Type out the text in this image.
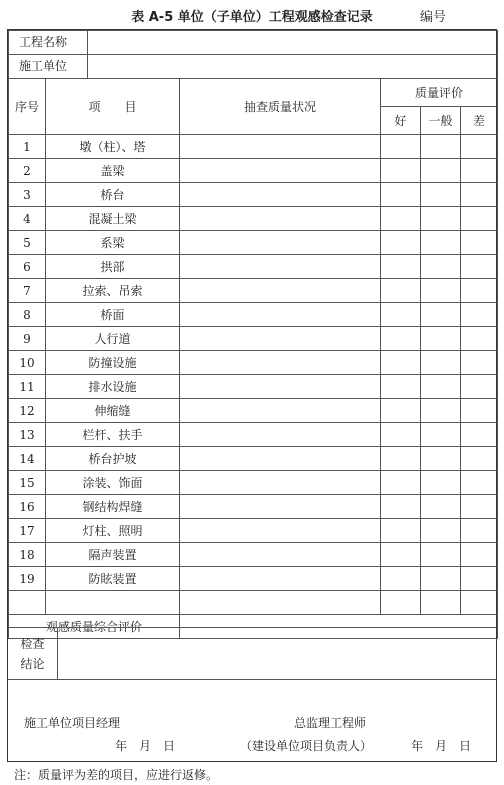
表 A-5 单位（子单位）工程观感检查记录	编号
工程名称					

施工单位					

序号	项　　目	抽查质量状况	质量评价		
			好	一般	差
1	墩（柱）、塔				
2	盖梁				
3	桥台				
4	混凝土梁				
5	系梁				
6	拱部				
7	拉索、吊索				
8	桥面				
9	人行道				
10	防撞设施				
11	排水设施				
12	伸缩缝				
13	栏杆、扶手				
14	桥台护坡				
15	涂装、饰面				
16	钢结构焊缝				
17	灯柱、照明				
18	隔声装置				
19	防眩装置				

观感质量综合评价					
检查
结论
施工单位项目经理
年　月　日
总监理工程师
（建设单位项目负责人）	年　月　日
注：质量评为差的项目，应进行返修。
